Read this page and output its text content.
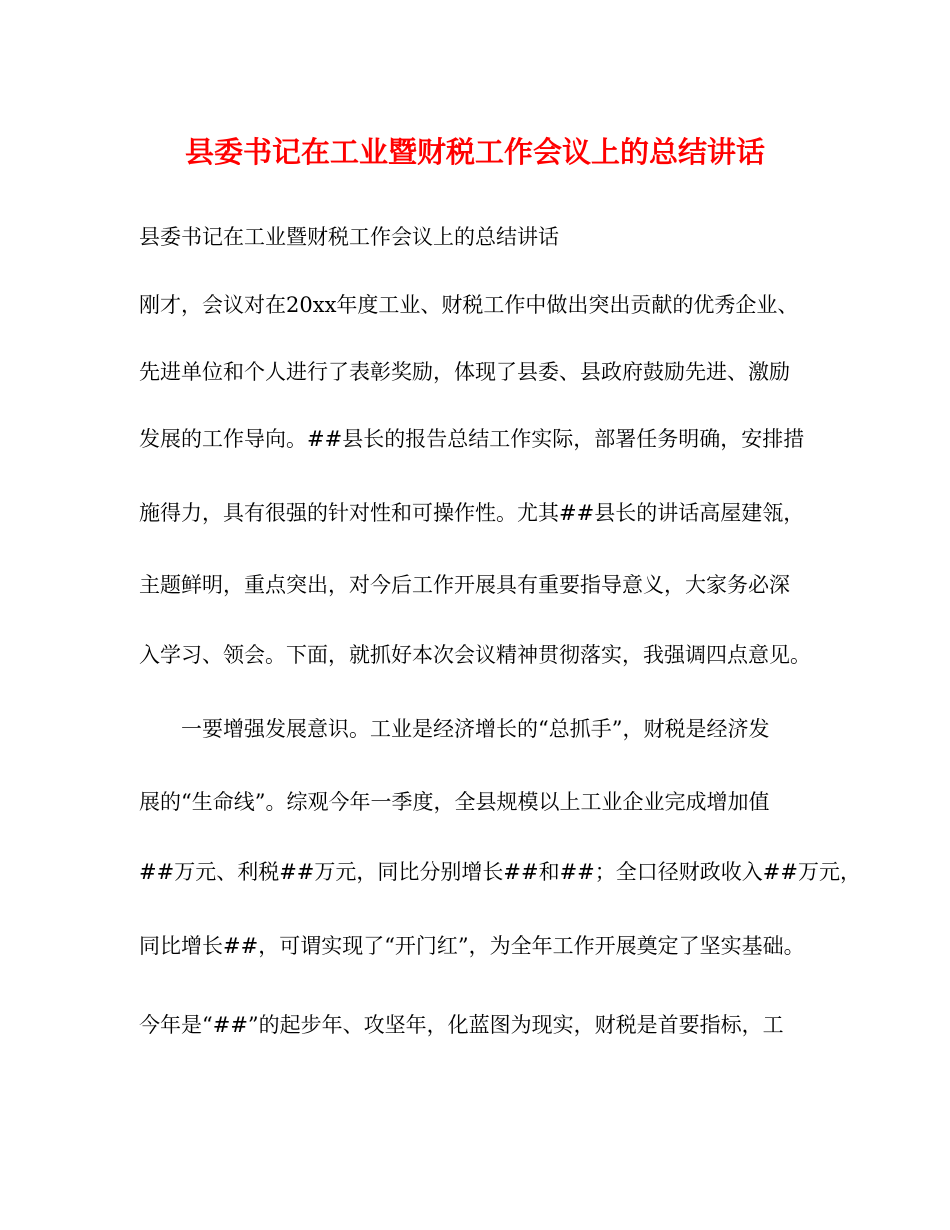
县委书记在工业暨财税工作会议上的总结讲话

县委书记在工业暨财税工作会议上的总结讲话

刚才，会议对在20xx年度工业、财税工作中做出突出贡献的优秀企业、

先进单位和个人进行了表彰奖励，体现了县委、县政府鼓励先进、激励

发展的工作导向。##县长的报告总结工作实际，部署任务明确，安排措

施得力，具有很强的针对性和可操作性。尤其##县长的讲话高屋建瓴，

主题鲜明，重点突出，对今后工作开展具有重要指导意义，大家务必深

入学习、领会。下面，就抓好本次会议精神贯彻落实，我强调四点意见。

一要增强发展意识。工业是经济增长的“总抓手”，财税是经济发

展的“生命线”。综观今年一季度，全县规模以上工业企业完成增加值

##万元、利税##万元，同比分别增长##和##；全口径财政收入##万元，

同比增长##，可谓实现了“开门红”，为全年工作开展奠定了坚实基础。

今年是“##”的起步年、攻坚年，化蓝图为现实，财税是首要指标，工
